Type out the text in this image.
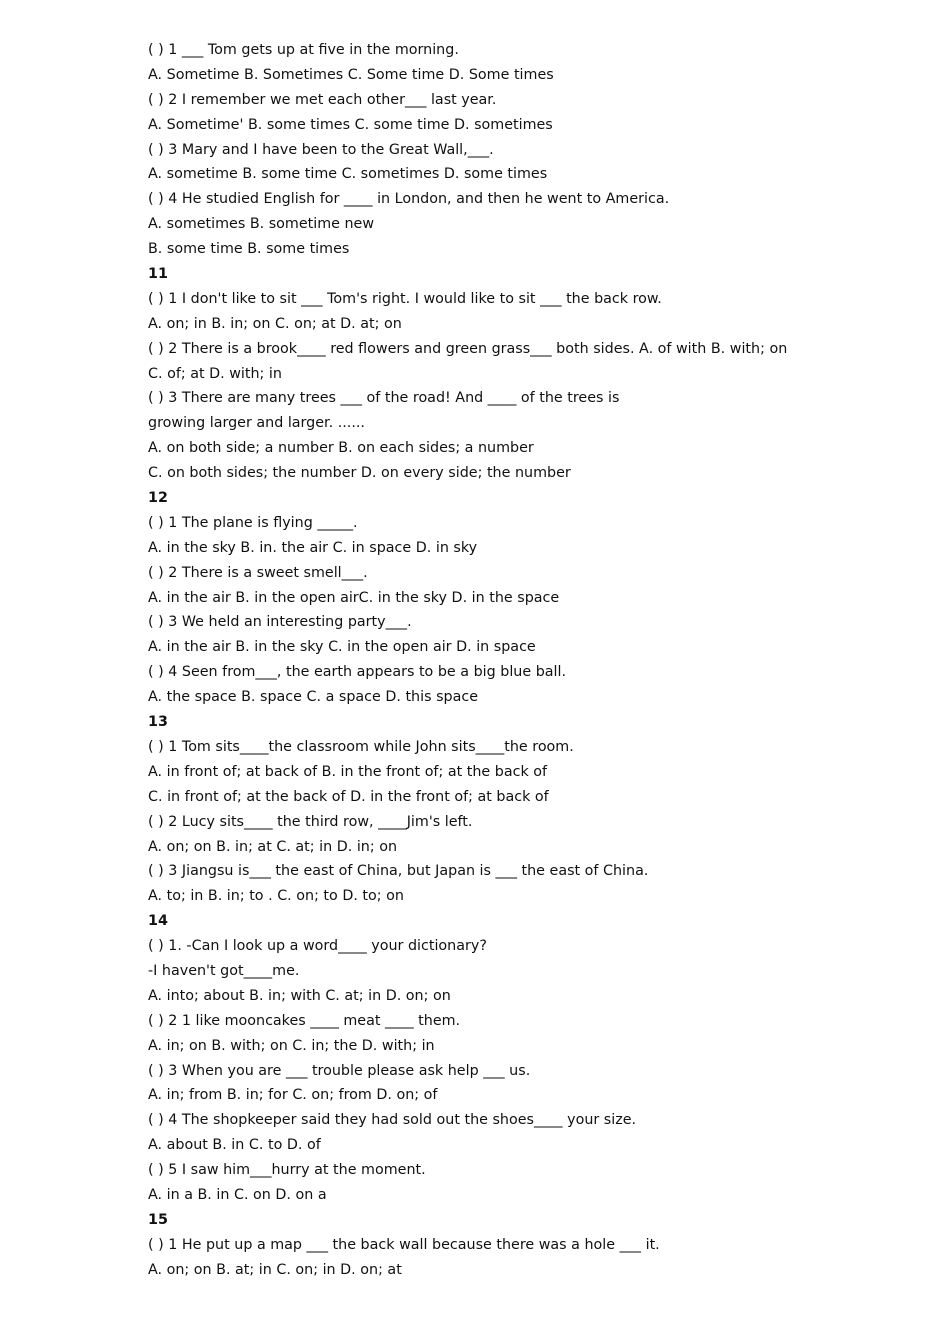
( ) 1 ___ Tom gets up at five in the morning.
A. Sometime B. Sometimes C. Some time D. Some times
( ) 2 I remember we met each other___ last year.
A. Sometime' B. some times C. some time D. sometimes
( ) 3 Mary and I have been to the Great Wall,___.
A. sometime B. some time C. sometimes D. some times
( ) 4 He studied English for ____ in London, and then he went to America.
A. sometimes B. sometime new
B. some time B. some times
11
( ) 1 I don't like to sit ___ Tom's right. I would like to sit ___ the back row.
A. on; in B. in; on C. on; at D. at; on
( ) 2 There is a brook____ red flowers and green grass___ both sides. A. of with B. with; on
C. of; at D. with; in
( ) 3 There are many trees ___ of the road! And ____ of the trees is
growing larger and larger. ......
A. on both side; a number B. on each sides; a number
C. on both sides; the number D. on every side; the number
12
( ) 1 The plane is flying _____.
A. in the sky B. in. the air C. in space D. in sky
( ) 2 There is a sweet smell___.
A. in the air B. in the open airC. in the sky D. in the space
( ) 3 We held an interesting party___.
A. in the air B. in the sky C. in the open air D. in space
( ) 4 Seen from___, the earth appears to be a big blue ball.
A. the space B. space C. a space D. this space
13
( ) 1 Tom sits____the classroom while John sits____the room.
A. in front of; at back of B. in the front of; at the back of
C. in front of; at the back of D. in the front of; at back of
( ) 2 Lucy sits____ the third row, ____Jim's left.
A. on; on B. in; at C. at; in D. in; on
( ) 3 Jiangsu is___ the east of China, but Japan is ___ the east of China.
A. to; in B. in; to . C. on; to D. to; on
14
( ) 1. -Can I look up a word____ your dictionary?
-I haven't got____me.
A. into; about B. in; with C. at; in D. on; on
( ) 2 1 like mooncakes ____ meat ____ them.
A. in; on B. with; on C. in; the D. with; in
( ) 3 When you are ___ trouble please ask help ___ us.
A. in; from B. in; for C. on; from D. on; of
( ) 4 The shopkeeper said they had sold out the shoes____ your size.
A. about B. in C. to D. of
( ) 5 I saw him___hurry at the moment.
A. in a B. in C. on D. on a
15
( ) 1 He put up a map ___ the back wall because there was a hole ___ it.
A. on; on B. at; in C. on; in D. on; at
